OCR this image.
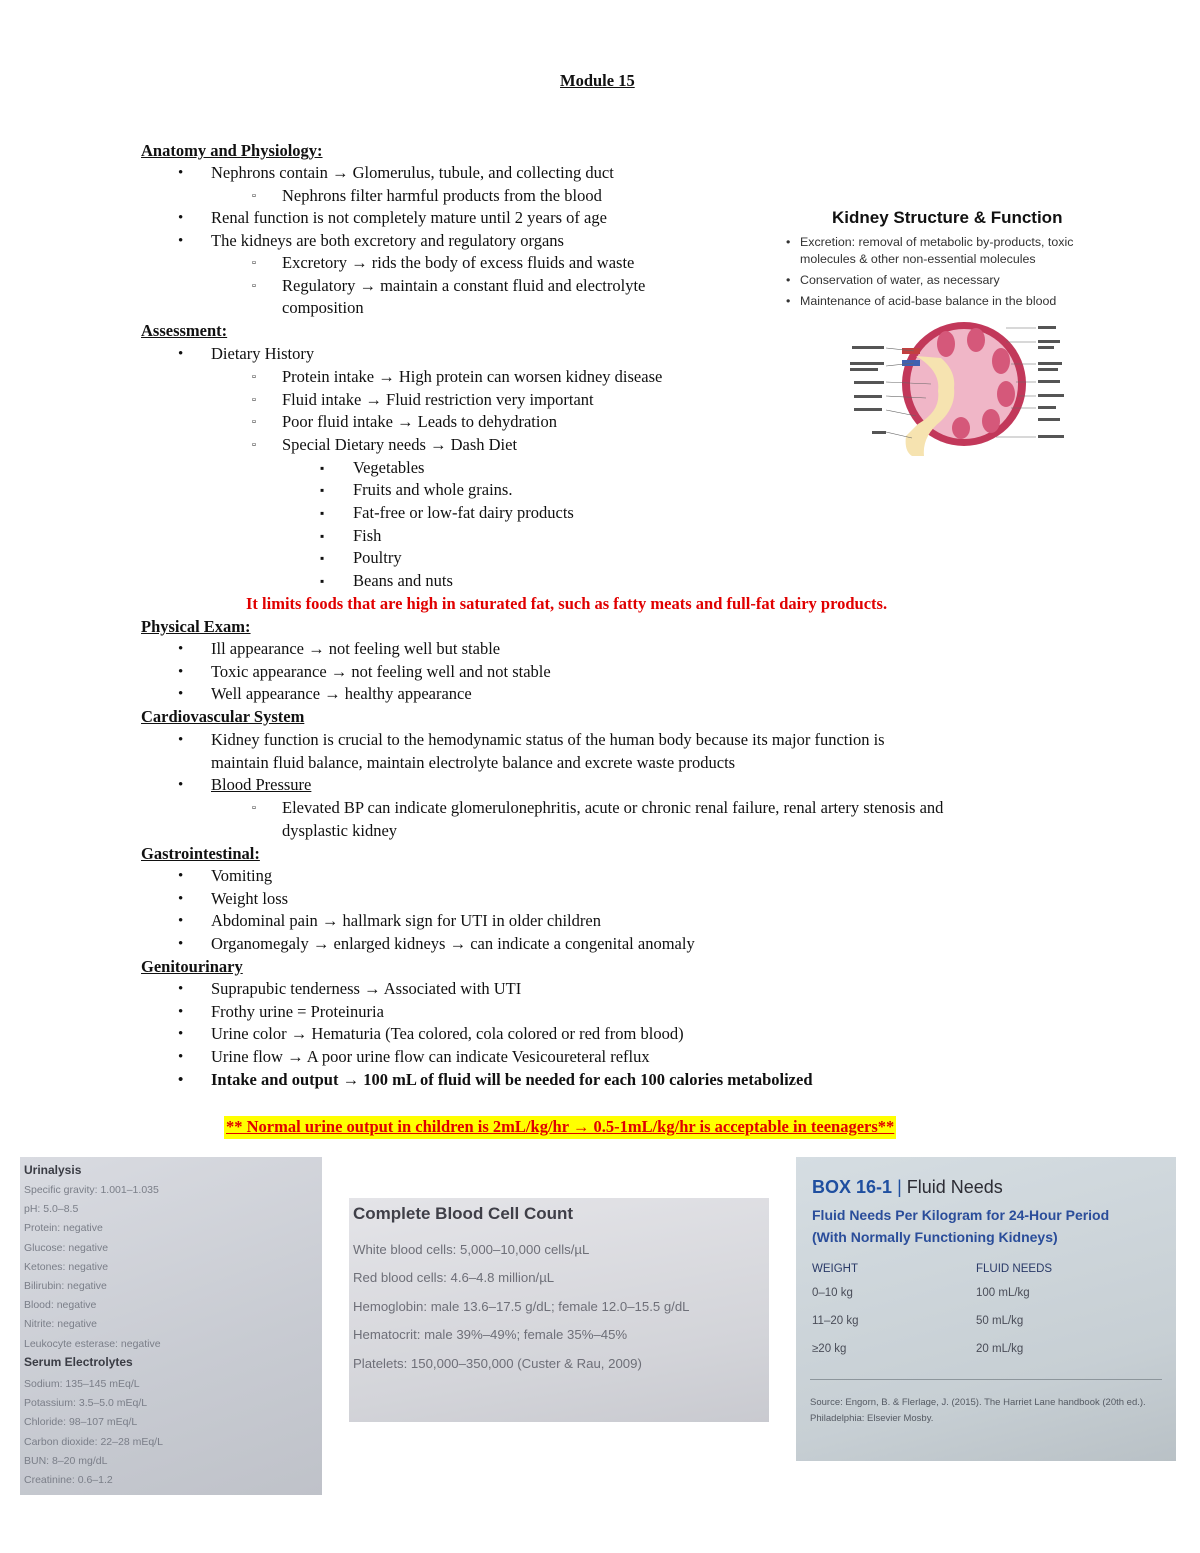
Module 15
Anatomy and Physiology:
• Nephrons contain → Glomerulus, tubule, and collecting duct
▫ Nephrons filter harmful products from the blood
• Renal function is not completely mature until 2 years of age
• The kidneys are both excretory and regulatory organs
▫ Excretory → rids the body of excess fluids and waste
▫ Regulatory → maintain a constant fluid and electrolyte
composition
Assessment:
• Dietary History
▫ Protein intake → High protein can worsen kidney disease
▫ Fluid intake → Fluid restriction very important
▫ Poor fluid intake → Leads to dehydration
▫ Special Dietary needs → Dash Diet
▪ Vegetables
▪ Fruits and whole grains.
▪ Fat-free or low-fat dairy products
▪ Fish
▪ Poultry
▪ Beans and nuts
It limits foods that are high in saturated fat, such as fatty meats and full-fat dairy products.
Physical Exam:
• Ill appearance → not feeling well but stable
• Toxic appearance → not feeling well and not stable
• Well appearance → healthy appearance
Cardiovascular System
• Kidney function is crucial to the hemodynamic status of the human body because its major function is
maintain fluid balance, maintain electrolyte balance and excrete waste products
• Blood Pressure
▫ Elevated BP can indicate glomerulonephritis, acute or chronic renal failure, renal artery stenosis and
dysplastic kidney
Gastrointestinal:
• Vomiting
• Weight loss
• Abdominal pain → hallmark sign for UTI in older children
• Organomegaly → enlarged kidneys → can indicate a congenital anomaly
Genitourinary
• Suprapubic tenderness → Associated with UTI
• Frothy urine = Proteinuria
• Urine color → Hematuria (Tea colored, cola colored or red from blood)
• Urine flow → A poor urine flow can indicate Vesicoureteral reflux
• Intake and output → 100 mL of fluid will be needed for each 100 calories metabolized
** Normal urine output in children is 2mL/kg/hr → 0.5-1mL/kg/hr is acceptable in teenagers**
Kidney Structure & Function
• Excretion: removal of metabolic by-products, toxic
molecules & other non-essential molecules
• Conservation of water, as necessary
• Maintenance of acid-base balance in the blood
Urinalysis
Specific gravity: 1.001–1.035
pH: 5.0–8.5
Protein: negative
Glucose: negative
Ketones: negative
Bilirubin: negative
Blood: negative
Nitrite: negative
Leukocyte esterase: negative
Serum Electrolytes
Sodium: 135–145 mEq/L
Potassium: 3.5–5.0 mEq/L
Chloride: 98–107 mEq/L
Carbon dioxide: 22–28 mEq/L
BUN: 8–20 mg/dL
Creatinine: 0.6–1.2
Complete Blood Cell Count
White blood cells: 5,000–10,000 cells/µL
Red blood cells: 4.6–4.8 million/µL
Hemoglobin: male 13.6–17.5 g/dL; female 12.0–15.5 g/dL
Hematocrit: male 39%–49%; female 35%–45%
Platelets: 150,000–350,000 (Custer & Rau, 2009)
BOX 16-1 | Fluid Needs
Fluid Needs Per Kilogram for 24-Hour Period
(With Normally Functioning Kidneys)
WEIGHT	FLUID NEEDS
0–10 kg	100 mL/kg
11–20 kg	50 mL/kg
≥20 kg	20 mL/kg
Source: Engorn, B. & Flerlage, J. (2015). The Harriet Lane handbook (20th ed.).
Philadelphia: Elsevier Mosby.
